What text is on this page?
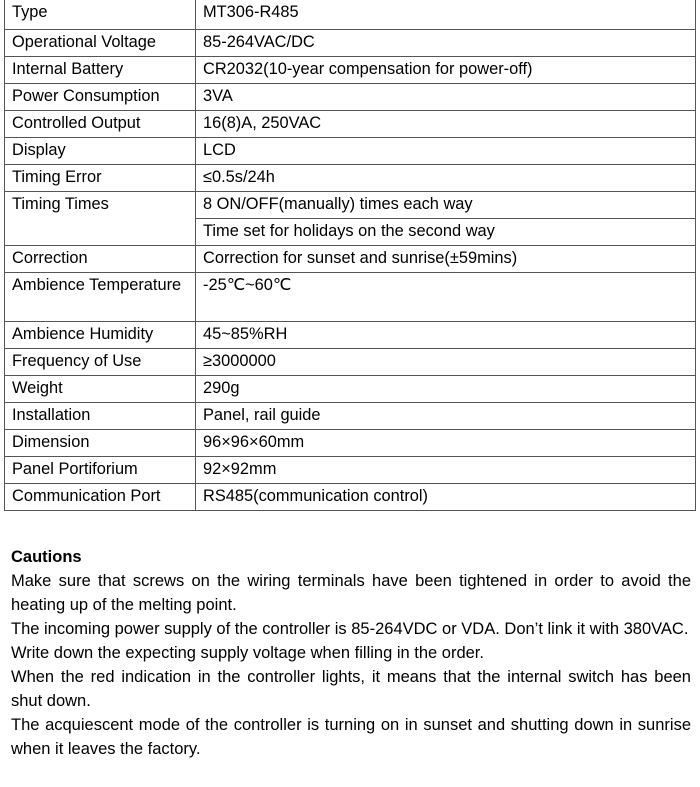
Type	MT306-R485
Operational Voltage	85-264VAC/DC
Internal Battery	CR2032(10-year compensation for power-off)
Power Consumption	3VA
Controlled Output	16(8)A, 250VAC
Display	LCD
Timing Error	≤0.5s/24h
Timing Times	8 ON/OFF(manually) times each way
	Time set for holidays on the second way
Correction	Correction for sunset and sunrise(±59mins)
Ambience Temperature	-25℃~60℃
Ambience Humidity	45~85%RH
Frequency of Use	≥3000000
Weight	290g
Installation	Panel, rail guide
Dimension	96×96×60mm
Panel Portiforium	92×92mm
Communication Port	RS485(communication control)
Cautions

Make sure that screws on the wiring terminals have been tightened in order to avoid the heating up of the melting point.

The incoming power supply of the controller is 85-264VDC or VDA. Don’t link it with 380VAC.

Write down the expecting supply voltage when filling in the order.

When the red indication in the controller lights, it means that the internal switch has been shut down.

The acquiescent mode of the controller is turning on in sunset and shutting down in sunrise when it leaves the factory.
